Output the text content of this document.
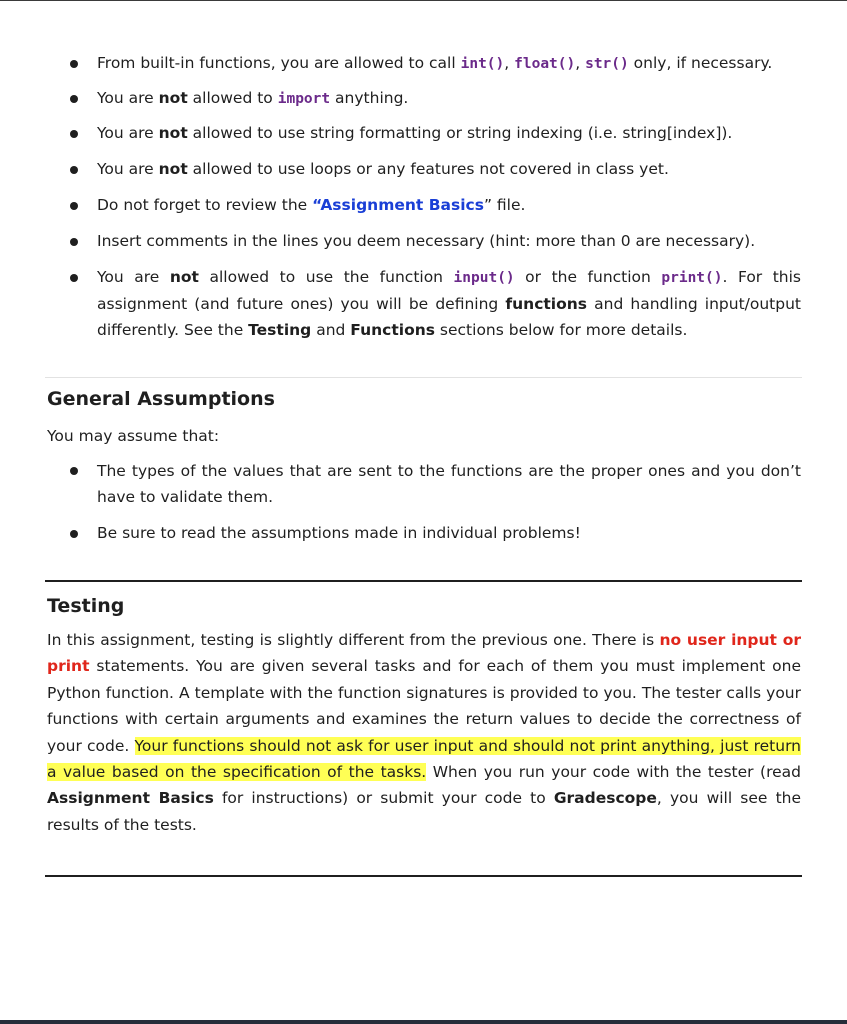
From built-in functions, you are allowed to call int(), float(), str() only, if necessary.
You are not allowed to import anything.
You are not allowed to use string formatting or string indexing (i.e. string[index]).
You are not allowed to use loops or any features not covered in class yet.
Do not forget to review the “Assignment Basics” file.
Insert comments in the lines you deem necessary (hint: more than 0 are necessary).
You are not allowed to use the function input() or the function print(). For this assignment (and future ones) you will be defining functions and handling input/output differently. See the Testing and Functions sections below for more details.
General Assumptions
You may assume that:
The types of the values that are sent to the functions are the proper ones and you don’t have to validate them.
Be sure to read the assumptions made in individual problems!
Testing
In this assignment, testing is slightly different from the previous one. There is no user input or print statements. You are given several tasks and for each of them you must implement one Python function. A template with the function signatures is provided to you. The tester calls your functions with certain arguments and examines the return values to decide the correctness of your code. Your functions should not ask for user input and should not print anything, just return a value based on the specification of the tasks. When you run your code with the tester (read Assignment Basics for instructions) or submit your code to Gradescope, you will see the results of the tests.
